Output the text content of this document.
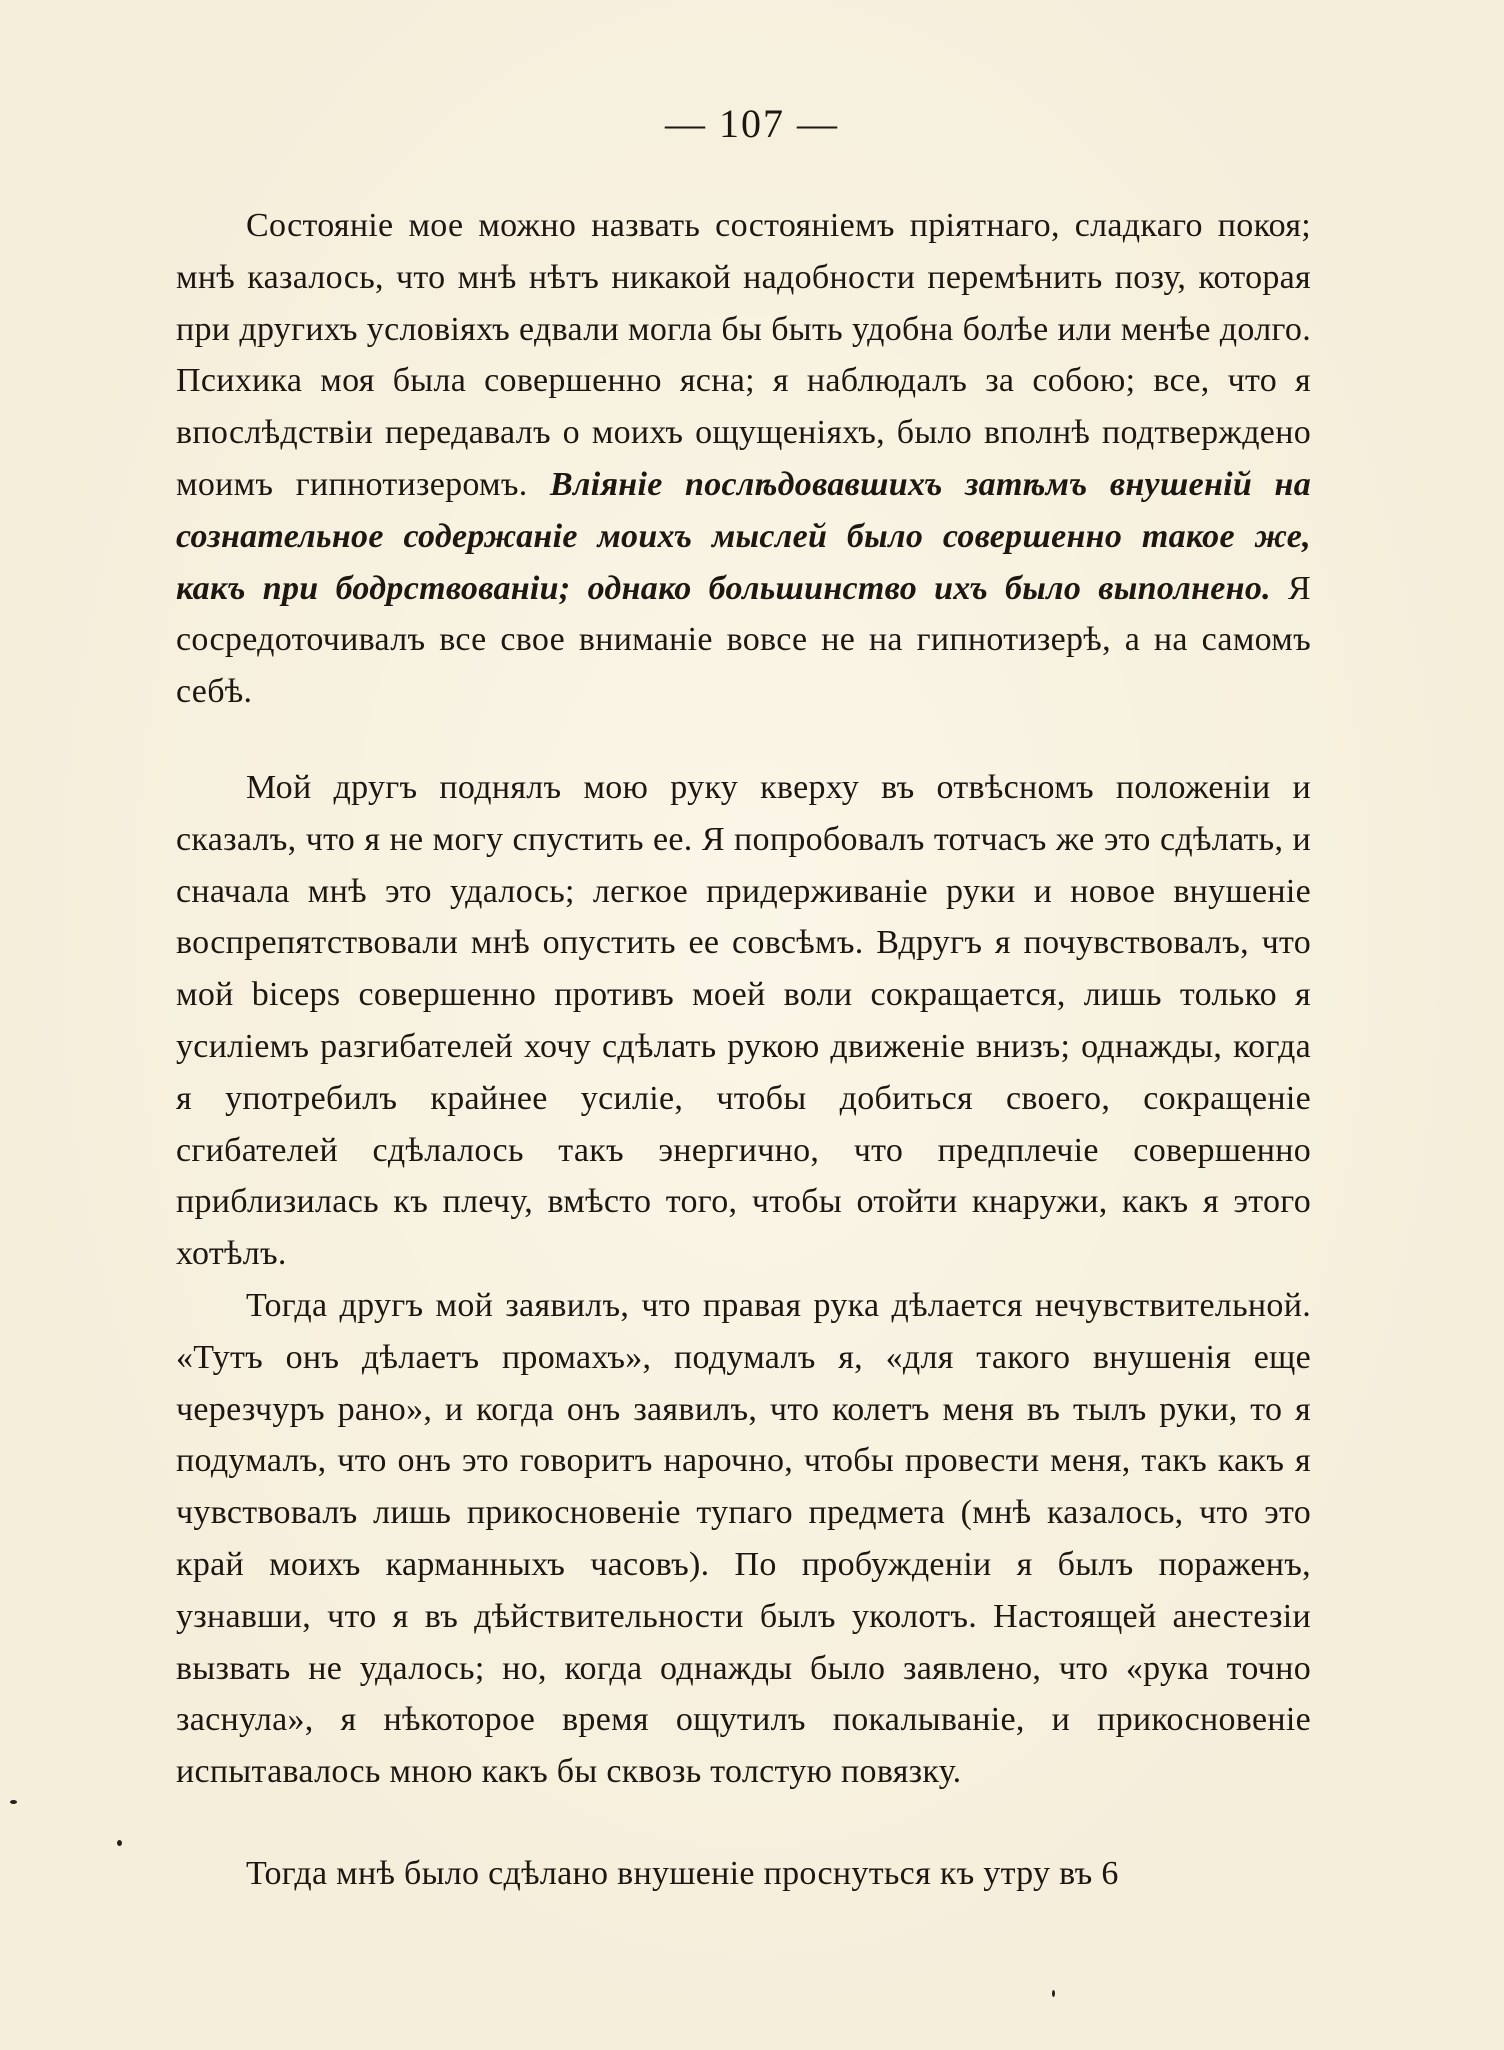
— 107 —

Состоянiе мое можно назвать состоянiемъ прiятнаго, сладкаго покоя; мнѣ казалось, что мнѣ нѣтъ никакой надобности перемѣнить позу, которая при другихъ условiяхъ едвали могла бы быть удобна болѣе или менѣе долго. Психика моя была совершенно ясна; я наблюдалъ за собою; все, что я впослѣдствiи передавалъ о моихъ ощущенiяхъ, было вполнѣ подтверждено моимъ гипнотизеромъ. Влiянiе послѣдовавшихъ затѣмъ внушенiй на сознательное содержанiе моихъ мыслей было совершенно такое же, какъ при бодрствованiи; однако большинство ихъ было выполнено. Я сосредоточивалъ все свое вниманiе вовсе не на гипнотизерѣ, а на самомъ себѣ.

Мой другъ поднялъ мою руку кверху въ отвѣсномъ положенiи и сказалъ, что я не могу спустить ее. Я попробовалъ тотчасъ же это сдѣлать, и сначала мнѣ это удалось; легкое придерживанiе руки и новое внушенiе воспрепятствовали мнѣ опустить ее совсѣмъ. Вдругъ я почувствовалъ, что мой biceps совершенно противъ моей воли сокращается, лишь только я усилiемъ разгибателей хочу сдѣлать рукою движенiе внизъ; однажды, когда я употребилъ крайнее усилiе, чтобы добиться своего, сокращенiе сгибателей сдѣлалось такъ энергично, что предплечiе совершенно приблизилась къ плечу, вмѣсто того, чтобы отойти кнаружи, какъ я этого хотѣлъ.

Тогда другъ мой заявилъ, что правая рука дѣлается нечувствительной. «Тутъ онъ дѣлаетъ промахъ», подумалъ я, «для такого внушенiя еще черезчуръ рано», и когда онъ заявилъ, что колетъ меня въ тылъ руки, то я подумалъ, что онъ это говоритъ нарочно, чтобы провести меня, такъ какъ я чувствовалъ лишь прикосновенiе тупаго предмета (мнѣ казалось, что это край моихъ карманныхъ часовъ). По пробужденiи я былъ пораженъ, узнавши, что я въ дѣйствительности былъ уколотъ. Настоящей анестезiи вызвать не удалось; но, когда однажды было заявлено, что «рука точно заснула», я нѣкоторое время ощутилъ покалыванiе, и прикосновенiе испытавалось мною какъ бы сквозь толстую повязку.

Тогда мнѣ было сдѣлано внушенiе проснуться къ утру въ 6
